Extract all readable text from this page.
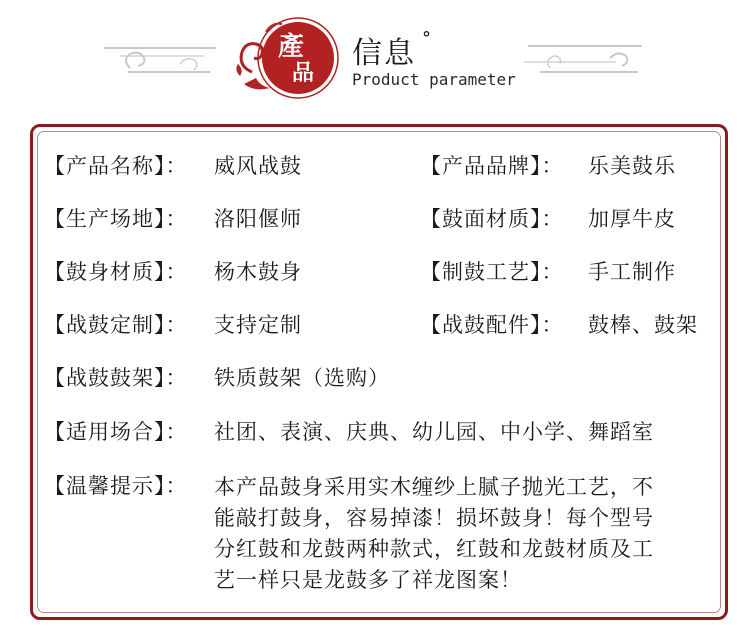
產
品
信息 °
Product parameter
【产品名称】： 威风战鼓	【产品品牌】： 乐美鼓乐
【生产场地】： 洛阳偃师	【鼓面材质】： 加厚牛皮
【鼓身材质】： 杨木鼓身	【制鼓工艺】： 手工制作
【战鼓定制】： 支持定制	【战鼓配件】： 鼓棒、鼓架
【战鼓鼓架】： 铁质鼓架（选购）
【适用场合】： 社团、表演、庆典、幼儿园、中小学、舞蹈室
【温馨提示】： 本产品鼓身采用实木缠纱上腻子抛光工艺，不
能敲打鼓身，容易掉漆！损坏鼓身！每个型号
分红鼓和龙鼓两种款式，红鼓和龙鼓材质及工
艺一样只是龙鼓多了祥龙图案！
